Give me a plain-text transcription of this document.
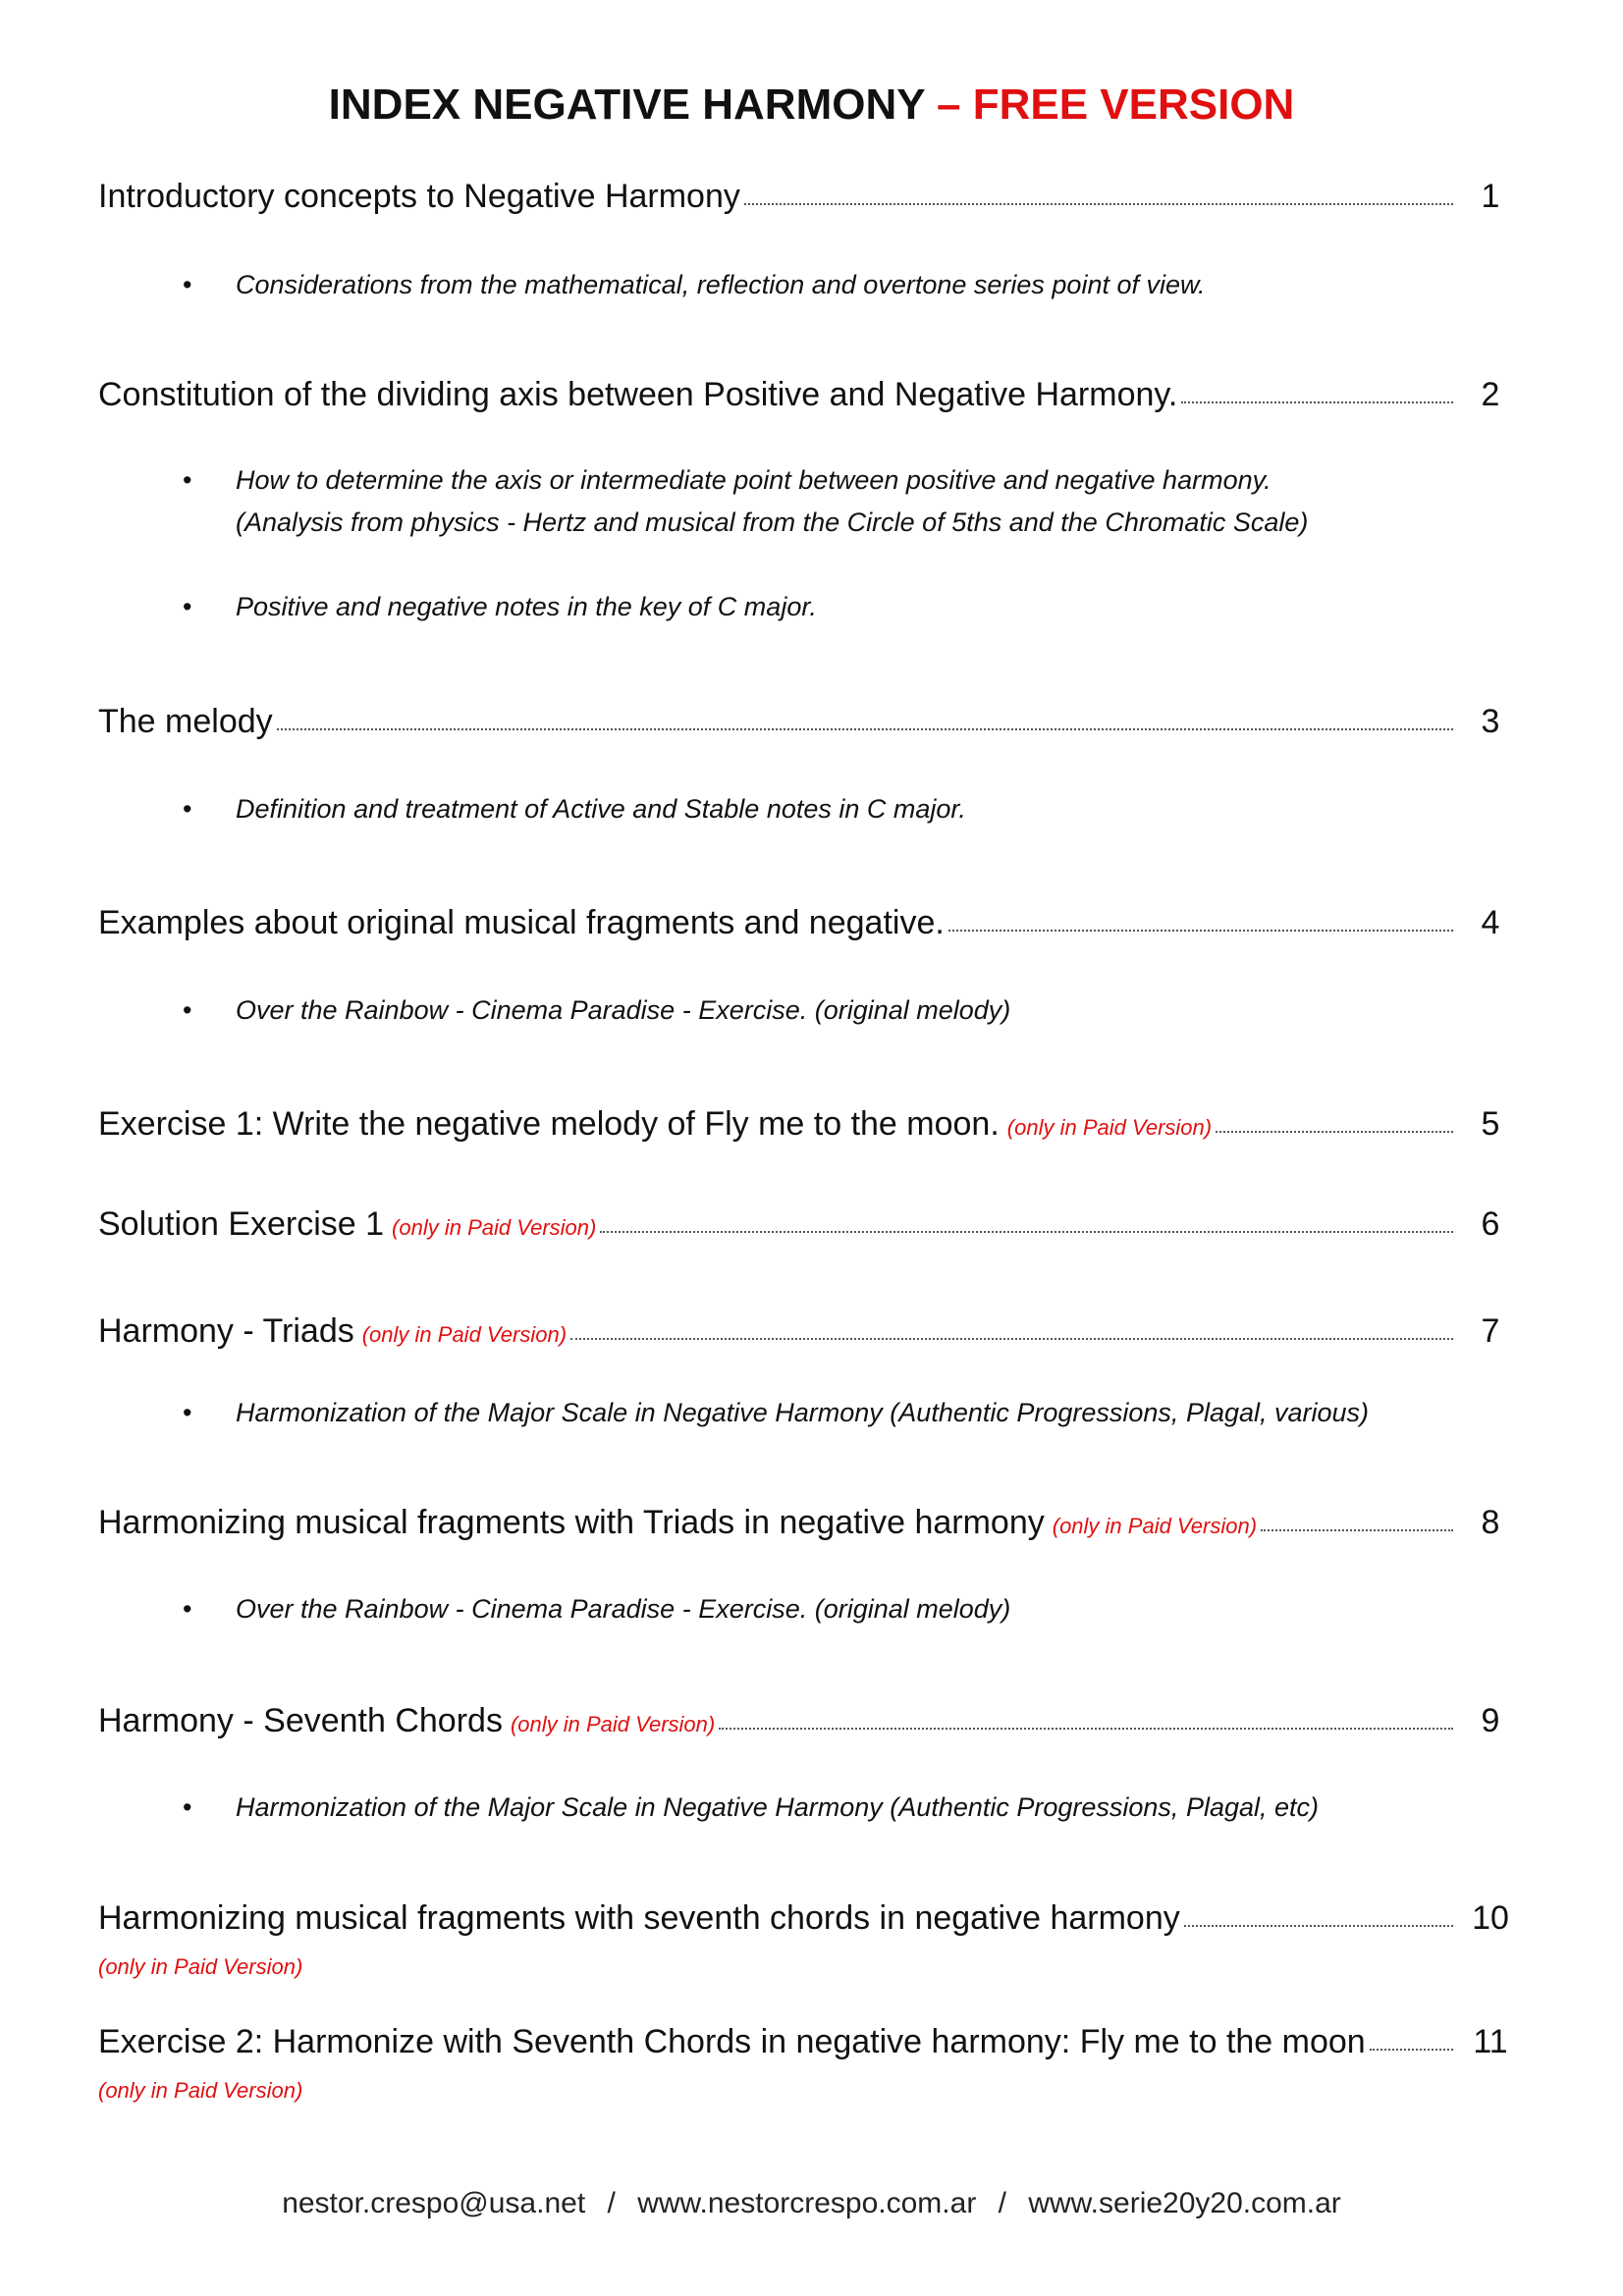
INDEX NEGATIVE HARMONY – FREE VERSION
Introductory concepts to Negative Harmony	1
• Considerations from the mathematical, reflection and overtone series point of view.
Constitution of the dividing axis between Positive and Negative Harmony.	2
• How to determine the axis or intermediate point between positive and negative harmony.
(Analysis from physics - Hertz and musical from the Circle of 5ths and the Chromatic Scale)
• Positive and negative notes in the key of C major.
The melody	3
• Definition and treatment of Active and Stable notes in C major.
Examples about original musical fragments and negative.	4
• Over the Rainbow - Cinema Paradise - Exercise. (original melody)
Exercise 1: Write the negative melody of Fly me to the moon. (only in Paid Version)	5
Solution Exercise 1 (only in Paid Version)	6
Harmony - Triads (only in Paid Version)	7
• Harmonization of the Major Scale in Negative Harmony (Authentic Progressions, Plagal, various)
Harmonizing musical fragments with Triads in negative harmony (only in Paid Version)	8
• Over the Rainbow - Cinema Paradise - Exercise. (original melody)
Harmony - Seventh Chords (only in Paid Version)	9
• Harmonization of the Major Scale in Negative Harmony (Authentic Progressions, Plagal, etc)
Harmonizing musical fragments with seventh chords in negative harmony	10
(only in Paid Version)
Exercise 2: Harmonize with Seventh Chords in negative harmony: Fly me to the moon	11
(only in Paid Version)
nestor.crespo@usa.net / www.nestorcrespo.com.ar / www.serie20y20.com.ar
